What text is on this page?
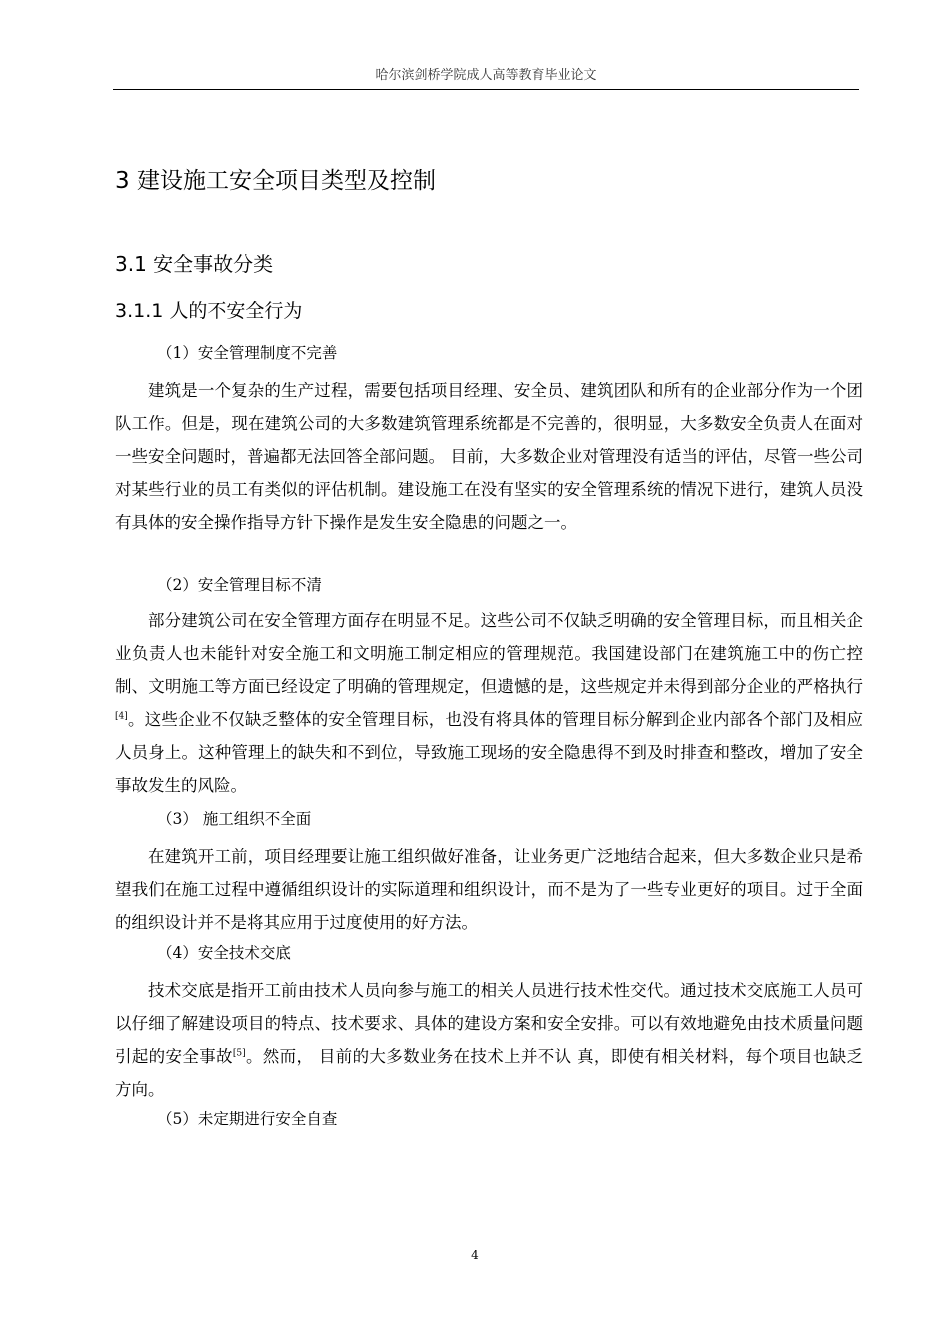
哈尔滨剑桥学院成人高等教育毕业论文
3 建设施工安全项目类型及控制
3.1 安全事故分类
3.1.1 人的不安全行为
（1）安全管理制度不完善
建筑是一个复杂的生产过程，需要包括项目经理、安全员、建筑团队和所有的企业部分作为一个团队工作。但是，现在建筑公司的大多数建筑管理系统都是不完善的，很明显，大多数安全负责人在面对一些安全问题时，普遍都无法回答全部问题。 目前，大多数企业对管理没有适当的评估，尽管一些公司对某些行业的员工有类似的评估机制。建设施工在没有坚实的安全管理系统的情况下进行，建筑人员没有具体的安全操作指导方针下操作是发生安全隐患的问题之一。
（2）安全管理目标不清
部分建筑公司在安全管理方面存在明显不足。这些公司不仅缺乏明确的安全管理目标，而且相关企业负责人也未能针对安全施工和文明施工制定相应的管理规范。我国建设部门在建筑施工中的伤亡控制、文明施工等方面已经设定了明确的管理规定，但遗憾的是，这些规定并未得到部分企业的严格执行[4]。这些企业不仅缺乏整体的安全管理目标，也没有将具体的管理目标分解到企业内部各个部门及相应人员身上。这种管理上的缺失和不到位，导致施工现场的安全隐患得不到及时排查和整改，增加了安全事故发生的风险。
（3） 施工组织不全面
在建筑开工前，项目经理要让施工组织做好准备，让业务更广泛地结合起来，但大多数企业只是希望我们在施工过程中遵循组织设计的实际道理和组织设计，而不是为了一些专业更好的项目。过于全面的组织设计并不是将其应用于过度使用的好方法。
（4）安全技术交底
技术交底是指开工前由技术人员向参与施工的相关人员进行技术性交代。通过技术交底施工人员可以仔细了解建设项目的特点、技术要求、具体的建设方案和安全安排。可以有效地避免由技术质量问题引起的安全事故[5]。然而， 目前的大多数业务在技术上并不认 真，即使有相关材料，每个项目也缺乏方向。
（5）未定期进行安全自查
4
